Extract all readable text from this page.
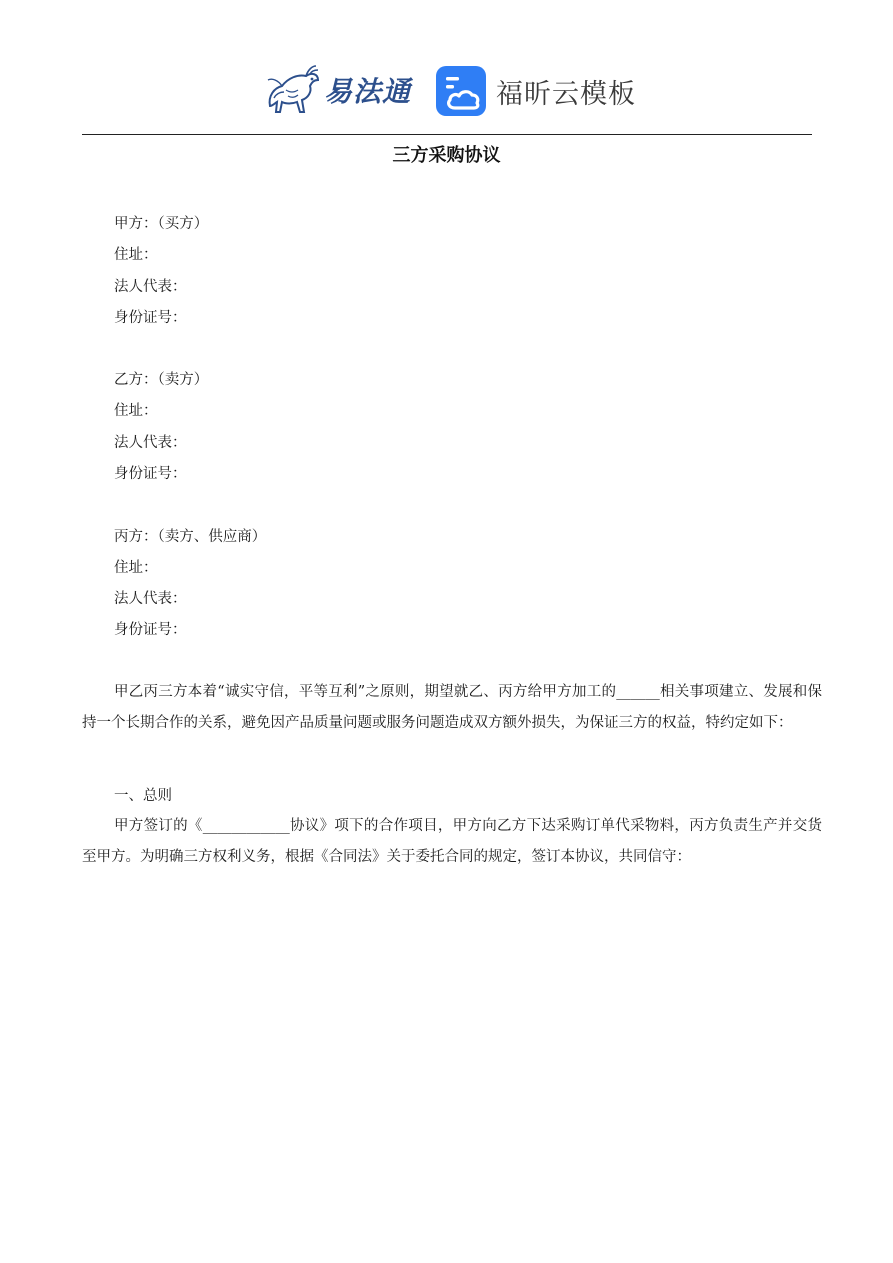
易法通	福昕云模板
三方采购协议
甲方：（买方）
住址：
法人代表：
身份证号：
乙方：（卖方）
住址：
法人代表：
身份证号：
丙方：（卖方、供应商）
住址：
法人代表：
身份证号：

甲乙丙三方本着“诚实守信，平等互利”之原则，期望就乙、丙方给甲方加工的______相关事项建立、发展和保持一个长期合作的关系，避免因产品质量问题或服务问题造成双方额外损失，为保证三方的权益，特约定如下：

一、总则

甲方签订的《____________协议》项下的合作项目，甲方向乙方下达采购订单代采物料，丙方负责生产并交货至甲方。为明确三方权利义务，根据《合同法》关于委托合同的规定，签订本协议，共同信守：
